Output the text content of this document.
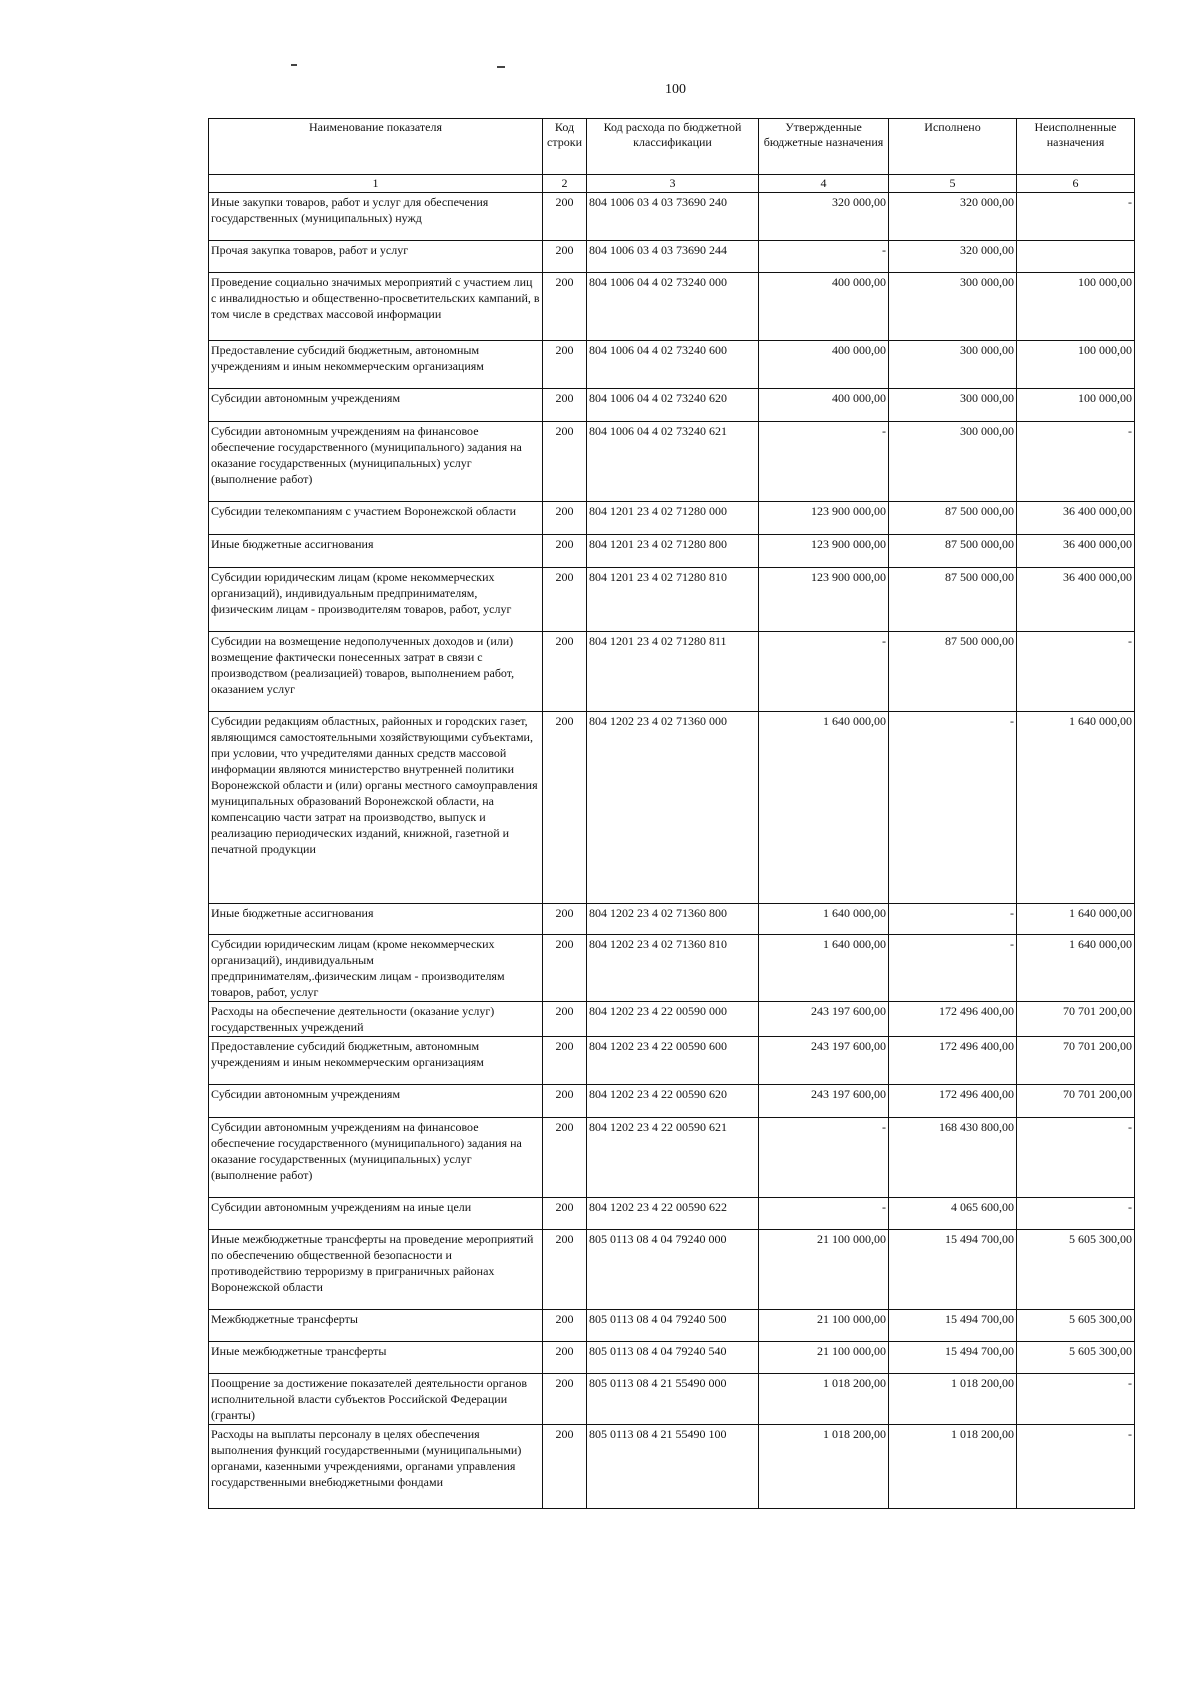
100
Наименование показателя	Код строки	Код расхода по бюджетной классификации	Утвержденные бюджетные назначения	Исполнено	Неисполненные назначения
1	2	3	4	5	6
Иные закупки товаров, работ и услуг для обеспечения государственных (муниципальных) нужд	200	804 1006 03 4 03 73690 240	320 000,00	320 000,00	-
Прочая закупка товаров, работ и услуг	200	804 1006 03 4 03 73690 244	-	320 000,00	
Проведение социально значимых мероприятий с участием лиц с инвалидностью и общественно-просветительских кампаний, в том числе в средствах массовой информации	200	804 1006 04 4 02 73240 000	400 000,00	300 000,00	100 000,00
Предоставление субсидий бюджетным, автономным учреждениям и иным некоммерческим организациям	200	804 1006 04 4 02 73240 600	400 000,00	300 000,00	100 000,00
Субсидии автономным учреждениям	200	804 1006 04 4 02 73240 620	400 000,00	300 000,00	100 000,00
Субсидии автономным учреждениям на финансовое обеспечение государственного (муниципального) задания на оказание государственных (муниципальных) услуг (выполнение работ)	200	804 1006 04 4 02 73240 621	-	300 000,00	-
Субсидии телекомпаниям с участием Воронежской области	200	804 1201 23 4 02 71280 000	123 900 000,00	87 500 000,00	36 400 000,00
Иные бюджетные ассигнования	200	804 1201 23 4 02 71280 800	123 900 000,00	87 500 000,00	36 400 000,00
Субсидии юридическим лицам (кроме некоммерческих организаций), индивидуальным предпринимателям, физическим лицам - производителям товаров, работ, услуг	200	804 1201 23 4 02 71280 810	123 900 000,00	87 500 000,00	36 400 000,00
Субсидии на возмещение недополученных доходов и (или) возмещение фактически понесенных затрат в связи с производством (реализацией) товаров, выполнением работ, оказанием услуг	200	804 1201 23 4 02 71280 811	-	87 500 000,00	-
Субсидии редакциям областных, районных и городских газет, являющимся самостоятельными хозяйствующими субъектами, при условии, что учредителями данных средств массовой информации являются министерство внутренней политики Воронежской области и (или) органы местного самоуправления муниципальных образований Воронежской области, на компенсацию части затрат на производство, выпуск и реализацию периодических изданий, книжной, газетной и печатной продукции	200	804 1202 23 4 02 71360 000	1 640 000,00	-	1 640 000,00
Иные бюджетные ассигнования	200	804 1202 23 4 02 71360 800	1 640 000,00	-	1 640 000,00
Субсидии юридическим лицам (кроме некоммерческих организаций), индивидуальным предпринимателям,.физическим лицам - производителям товаров, работ, услуг	200	804 1202 23 4 02 71360 810	1 640 000,00	-	1 640 000,00
Расходы на обеспечение деятельности (оказание услуг) государственных учреждений	200	804 1202 23 4 22 00590 000	243 197 600,00	172 496 400,00	70 701 200,00
Предоставление субсидий бюджетным, автономным учреждениям и иным некоммерческим организациям	200	804 1202 23 4 22 00590 600	243 197 600,00	172 496 400,00	70 701 200,00
Субсидии автономным учреждениям	200	804 1202 23 4 22 00590 620	243 197 600,00	172 496 400,00	70 701 200,00
Субсидии автономным учреждениям на финансовое обеспечение государственного (муниципального) задания на оказание государственных (муниципальных) услуг (выполнение работ)	200	804 1202 23 4 22 00590 621	-	168 430 800,00	-
Субсидии автономным учреждениям на иные цели	200	804 1202 23 4 22 00590 622	-	4 065 600,00	-
Иные межбюджетные трансферты на проведение мероприятий по обеспечению общественной безопасности и противодействию терроризму в приграничных районах Воронежской области	200	805 0113 08 4 04 79240 000	21 100 000,00	15 494 700,00	5 605 300,00
Межбюджетные трансферты	200	805 0113 08 4 04 79240 500	21 100 000,00	15 494 700,00	5 605 300,00
Иные межбюджетные трансферты	200	805 0113 08 4 04 79240 540	21 100 000,00	15 494 700,00	5 605 300,00
Поощрение за достижение показателей деятельности органов исполнительной власти субъектов Российской Федерации (гранты)	200	805 0113 08 4 21 55490 000	1 018 200,00	1 018 200,00	-
Расходы на выплаты персоналу в целях обеспечения выполнения функций государственными (муниципальными) органами, казенными учреждениями, органами управления государственными внебюджетными фондами	200	805 0113 08 4 21 55490 100	1 018 200,00	1 018 200,00	-
